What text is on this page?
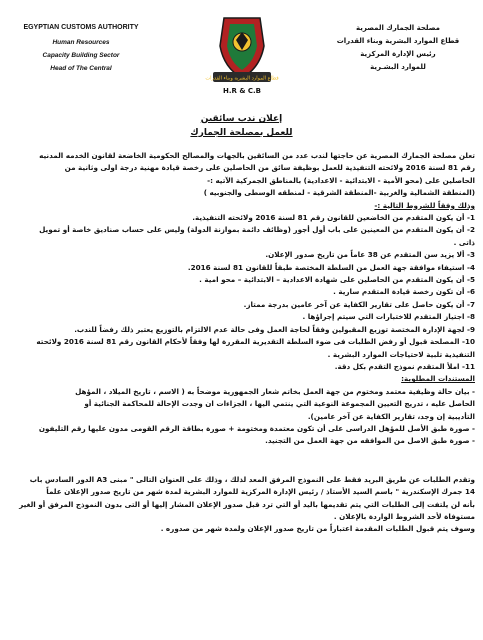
EGYPTIAN CUSTOMS AUTHORITY
Human Resources
Capacity Building Sector
Head of The Central
قطاع الموارد البشرية وبناء القدرات
H.R & C.B
مصلحة الجمارك المصرية
قطاع الموارد البشرية وبناء القدرات
رئيس الإدارة المركزية
للموارد البشـرية
إعلان ندب سائقين
للعمل بمصلحة الجمارك

تعلن مصلحة الجمارك المصرية عن حاجتها لندب عدد من السائقين بالجهات والمصالح الحكومية الخاضعة لقانون الخدمه المدنيه

رقم 81 لسنة 2016 ولائحته التنفيذية للعمل بوظيفة سائق من الحاصلين على رخصة قيادة مهنية درجة اولى وثانية من

الحاصلين على (محو الأمية - الابتدائية - الاعدادية) بالمناطق الجمركية الآتيه :-

(المنطقة الشمالية والغربية -المنطقة الشرقية - لمنطقه الوسطى والجنوبيه )

وذلك وفقاً للشروط التالية :-

1- أن يكون المتقدم من الخاضعين للقانون رقم 81 لسنة 2016 ولائحته التنفيذية.

2- أن يكون المتقدم من المعينين على باب أول أجور (وظائف دائمة بموازنة الدولة) وليس على حساب صناديق خاصة أو تمويل

ذاتى .

3- ألا يزيد سن المتقدم عن 38 عاماً من تاريخ صدور الإعلان.

4- استيفاء موافقة جهة العمل من السلطة المختصة طبقاً للقانون 81 لسنة 2016.

5- أن يكون المتقدم من الحاصلين على شهادة الاعدادية – الابتدائية – محو امية .

6- أن تكون رخصة قيادة المتقدم سارية .

7- أن يكون حاصل على تقارير الكفاية عن آخر عامين بدرجة ممتاز.

8- اجتياز المتقدم للاختبارات التي سيتم إجراؤها .

9- لجهة الإدارة المختصة توزيع المقبولين وفقاً لحاجة العمل وفى حالة عدم الالتزام بالتوزيع يعتبر ذلك رفضاً للندب.

10- المصلحة قبول أو رفض الطلبات فى ضوء السلطة التقديرية المقررة لها وفقاً لأحكام القانون رقم 81 لسنة 2016 ولائحته

التنفيذية تلبية لاحتياجات الموارد البشرية .

11- املأ المتقدم نموذج التقدم بكل دقة.

المستندات المطلوبة:

- بيان حالة وظيفية معتمد ومختوم من جهة العمل بخاتم شعار الجمهورية موضحاً به ( الاسم ، تاريخ الميلاد ، المؤهل

الحاصل عليه ، تدريج التعيين المجموعة النوعية التي ينتمي اليها ، الجزاءات ان وجدت الإحالة للمحاكمة الجنائية أو

التأديبية إن وجد، تقارير الكفاية عن آخر عامين).

- صورة طبق الأصل للمؤهل الدراسى على أن تكون معتمدة ومختومة + صورة بطاقة الرقم القومى مدون عليها رقم التليفون

- صورة طبق الاصل من الموافقه من جهة العمل من التجنيد.

وتقدم الطلبات عن طريق البريد فقط على النموذج المرفق المعد لذلك ، وذلك على العنوان التالى " مبنى A3 الدور السادس باب

14 جمرك الإسكندرية " باسم السيد الأستاذ / رئيس الإدارة المركزية للموارد البشرية لمدة شهر من تاريخ صدور الإعلان علماً

بأنه لن يلتفت إلى الطلبات التي يتم تقديمها باليد أو التي ترد قبل صدور الإعلان المشار إليها أو التى بدون النموذج المرفق أو الغير

مستوفاة لأحد الشروط الواردة بالإعلان .

وسوف يتم قبول الطلبات المقدمة اعتباراً من تاريخ صدور الإعلان ولمدة شهر من صدوره .
